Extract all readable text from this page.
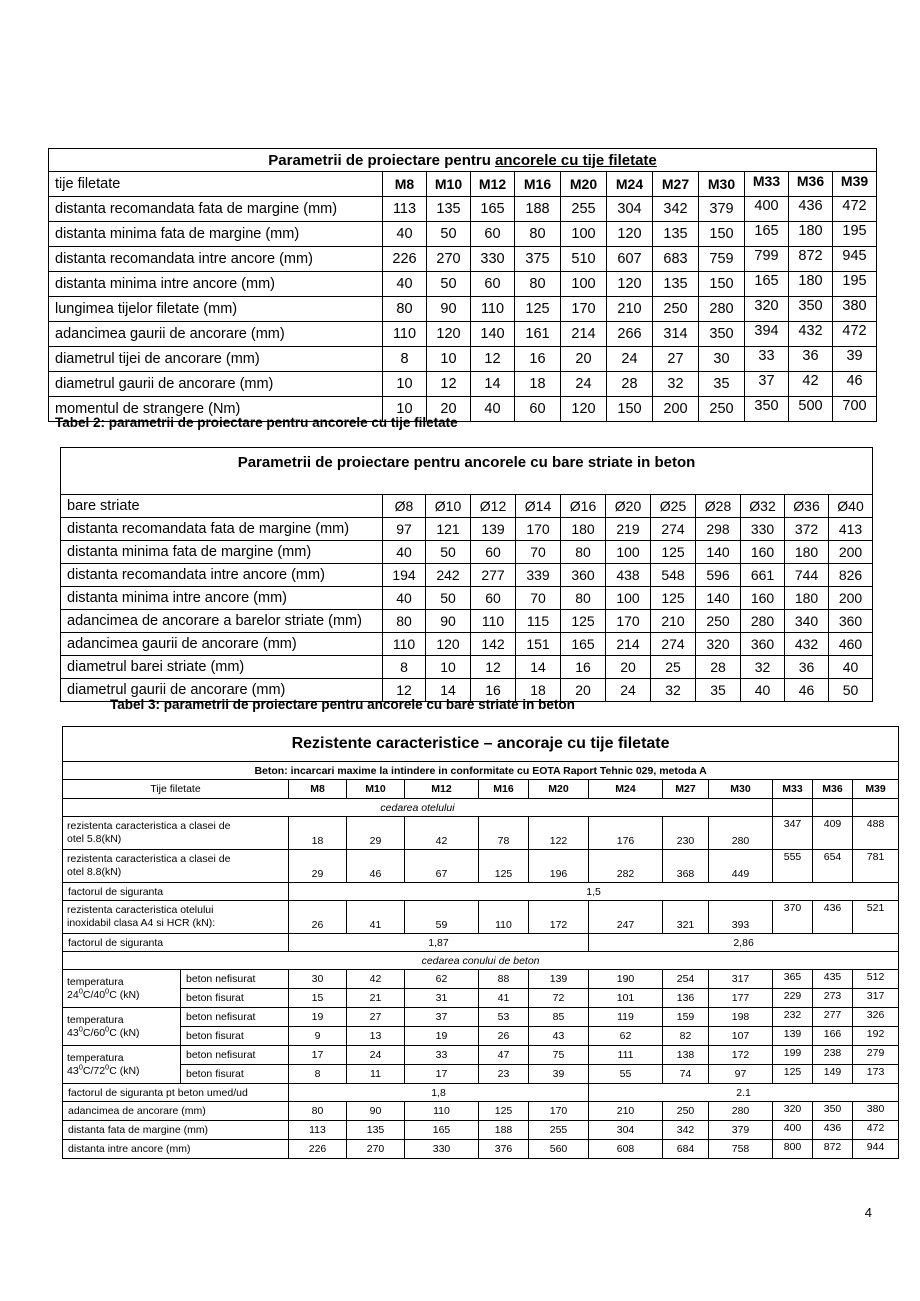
Parametrii de proiectare pentru ancorele cu tije filetate											
tije filetate	M8	M10	M12	M16	M20	M24	M27	M30	M33	M36	M39
distanta recomandata fata de margine (mm)	113	135	165	188	255	304	342	379	400	436	472
distanta minima fata de margine (mm)	40	50	60	80	100	120	135	150	165	180	195
distanta recomandata intre ancore (mm)	226	270	330	375	510	607	683	759	799	872	945
distanta minima intre ancore (mm)	40	50	60	80	100	120	135	150	165	180	195
lungimea tijelor filetate (mm)	80	90	110	125	170	210	250	280	320	350	380
adancimea gaurii de ancorare (mm)	110	120	140	161	214	266	314	350	394	432	472
diametrul tijei de ancorare (mm)	8	10	12	16	20	24	27	30	33	36	39
diametrul gaurii de ancorare (mm)	10	12	14	18	24	28	32	35	37	42	46
momentul de strangere (Nm)	10	20	40	60	120	150	200	250	350	500	700
Tabel 2: parametrii de proiectare pentru ancorele cu tije filetate
Parametrii de proiectare pentru ancorele cu bare striate in beton											
bare striate	Ø8	Ø10	Ø12	Ø14	Ø16	Ø20	Ø25	Ø28	Ø32	Ø36	Ø40
distanta recomandata fata de margine (mm)	97	121	139	170	180	219	274	298	330	372	413
distanta minima fata de margine (mm)	40	50	60	70	80	100	125	140	160	180	200
distanta recomandata intre ancore (mm)	194	242	277	339	360	438	548	596	661	744	826
distanta minima intre ancore (mm)	40	50	60	70	80	100	125	140	160	180	200
adancimea de ancorare a barelor striate (mm)	80	90	110	115	125	170	210	250	280	340	360
adancimea gaurii de ancorare (mm)	110	120	142	151	165	214	274	320	360	432	460
diametrul barei striate (mm)	8	10	12	14	16	20	25	28	32	36	40
diametrul gaurii de ancorare (mm)	12	14	16	18	20	24	32	35	40	46	50
Tabel 3: parametrii de proiectare pentru ancorele cu bare striate in beton
Rezistente caracteristice – ancoraje cu tije filetate												
Beton: incarcari maxime la intindere in conformitate cu EOTA Raport Tehnic 029, metoda A												
Tije filetate		M8	M10	M12	M16	M20	M24	M27	M30	M33	M36	M39
cedarea otelului												
rezistenta caracteristica a clasei de
otel 5.8(kN)		18	29	42	78	122	176	230	280	347	409	488
rezistenta caracteristica a clasei de
otel 8.8(kN)		29	46	67	125	196	282	368	449	555	654	781
factorul de siguranta		1,5										
rezistenta caracteristica otelului
inoxidabil clasa A4 si HCR (kN):		26	41	59	110	172	247	321	393	370	436	521
factorul de siguranta		1,87					2,86					
cedarea conului de beton												
temperatura
$24^0C/40^0C$ (kN)	beton nefisurat	30	42	62	88	139	190	254	317	365	435	512
	beton fisurat	15	21	31	41	72	101	136	177	229	273	317
temperatura
$43^0C/60^0C$ (kN)	beton nefisurat	19	27	37	53	85	119	159	198	232	277	326
	beton fisurat	9	13	19	26	43	62	82	107	139	166	192
temperatura
$43^0C/72^0C$ (kN)	beton nefisurat	17	24	33	47	75	111	138	172	199	238	279
	beton fisurat	8	11	17	23	39	55	74	97	125	149	173
factorul de siguranta pt beton umed/ud		1,8					2.1					
adancimea de ancorare (mm)		80	90	110	125	170	210	250	280	320	350	380
distanta fata de margine (mm)		113	135	165	188	255	304	342	379	400	436	472
distanta intre ancore (mm)		226	270	330	376	560	608	684	758	800	872	944
4
